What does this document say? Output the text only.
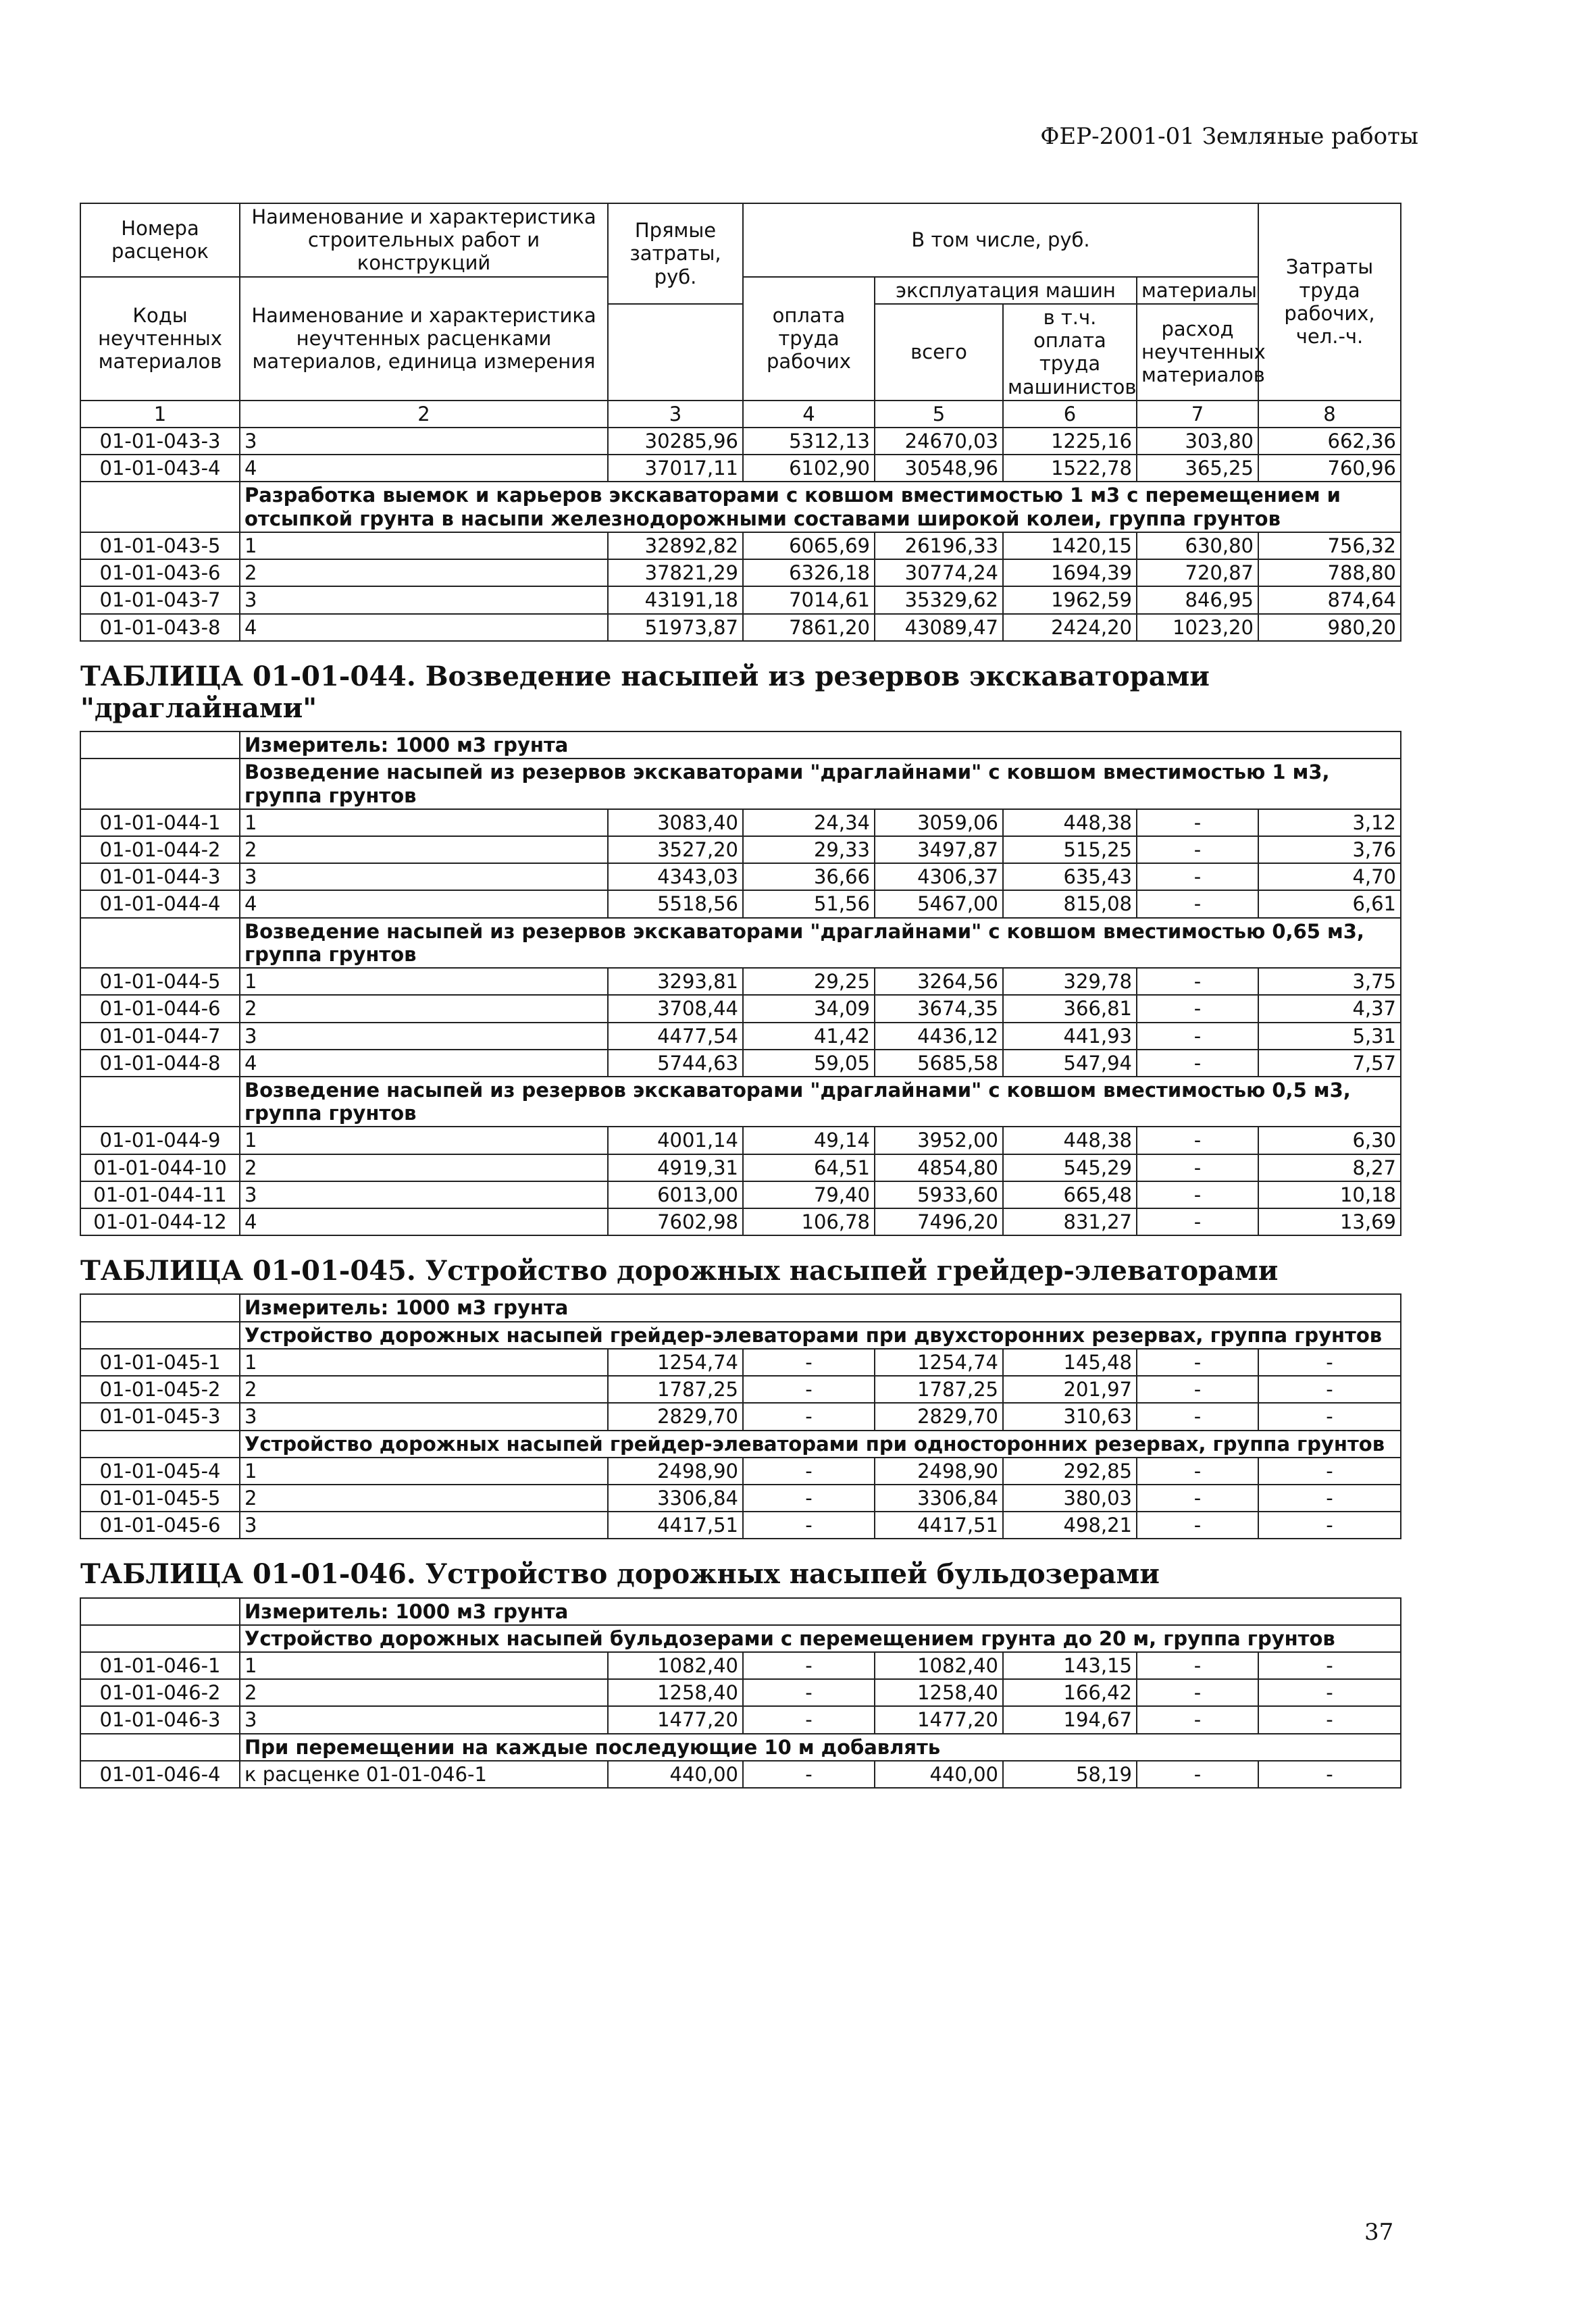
ФЕР-2001-01 Земляные работы
Номера расценок	Наименование и характеристика строительных работ и конструкций	Прямые затраты, руб.	В том числе, руб.				Затраты труда рабочих, чел.-ч.
Коды неучтенных материалов	Наименование и характеристика неучтенных расценками материалов, единица измерения		оплата труда рабочих	эксплуатация машин		материалы	
				всего	в т.ч. оплата труда машинистов	расход неучтенных материалов	

1	2	3	4	5	6	7	8
01-01-043-3	3	30285,96	5312,13	24670,03	1225,16	303,80	662,36
01-01-043-4	4	37017,11	6102,90	30548,96	1522,78	365,25	760,96
	Разработка выемок и карьеров экскаваторами с ковшом вместимостью 1 м3 с перемещением и отсыпкой грунта в насыпи железнодорожными составами широкой колеи, группа грунтов						
01-01-043-5	1	32892,82	6065,69	26196,33	1420,15	630,80	756,32
01-01-043-6	2	37821,29	6326,18	30774,24	1694,39	720,87	788,80
01-01-043-7	3	43191,18	7014,61	35329,62	1962,59	846,95	874,64
01-01-043-8	4	51973,87	7861,20	43089,47	2424,20	1023,20	980,20
ТАБЛИЦА 01-01-044. Возведение насыпей из резервов экскаваторами "драглайнами"							
	Измеритель: 1000 м3 грунта						
	Возведение насыпей из резервов экскаваторами "драглайнами" с ковшом вместимостью 1 м3, группа грунтов						
01-01-044-1	1	3083,40	24,34	3059,06	448,38	-	3,12
01-01-044-2	2	3527,20	29,33	3497,87	515,25	-	3,76
01-01-044-3	3	4343,03	36,66	4306,37	635,43	-	4,70
01-01-044-4	4	5518,56	51,56	5467,00	815,08	-	6,61
	Возведение насыпей из резервов экскаваторами "драглайнами" с ковшом вместимостью 0,65 м3, группа грунтов						
01-01-044-5	1	3293,81	29,25	3264,56	329,78	-	3,75
01-01-044-6	2	3708,44	34,09	3674,35	366,81	-	4,37
01-01-044-7	3	4477,54	41,42	4436,12	441,93	-	5,31
01-01-044-8	4	5744,63	59,05	5685,58	547,94	-	7,57
	Возведение насыпей из резервов экскаваторами "драглайнами" с ковшом вместимостью 0,5 м3, группа грунтов						
01-01-044-9	1	4001,14	49,14	3952,00	448,38	-	6,30
01-01-044-10	2	4919,31	64,51	4854,80	545,29	-	8,27
01-01-044-11	3	6013,00	79,40	5933,60	665,48	-	10,18
01-01-044-12	4	7602,98	106,78	7496,20	831,27	-	13,69
ТАБЛИЦА 01-01-045. Устройство дорожных насыпей грейдер-элеваторами							
	Измеритель: 1000 м3 грунта						
	Устройство дорожных насыпей грейдер-элеваторами при двухсторонних резервах, группа грунтов						
01-01-045-1	1	1254,74	-	1254,74	145,48	-	-
01-01-045-2	2	1787,25	-	1787,25	201,97	-	-
01-01-045-3	3	2829,70	-	2829,70	310,63	-	-
	Устройство дорожных насыпей грейдер-элеваторами при односторонних резервах, группа грунтов						
01-01-045-4	1	2498,90	-	2498,90	292,85	-	-
01-01-045-5	2	3306,84	-	3306,84	380,03	-	-
01-01-045-6	3	4417,51	-	4417,51	498,21	-	-
ТАБЛИЦА 01-01-046. Устройство дорожных насыпей бульдозерами							
	Измеритель: 1000 м3 грунта						
	Устройство дорожных насыпей бульдозерами с перемещением грунта до 20 м, группа грунтов						
01-01-046-1	1	1082,40	-	1082,40	143,15	-	-
01-01-046-2	2	1258,40	-	1258,40	166,42	-	-
01-01-046-3	3	1477,20	-	1477,20	194,67	-	-
	При перемещении на каждые последующие 10 м добавлять						
01-01-046-4	к расценке 01-01-046-1	440,00	-	440,00	58,19	-	-
37
